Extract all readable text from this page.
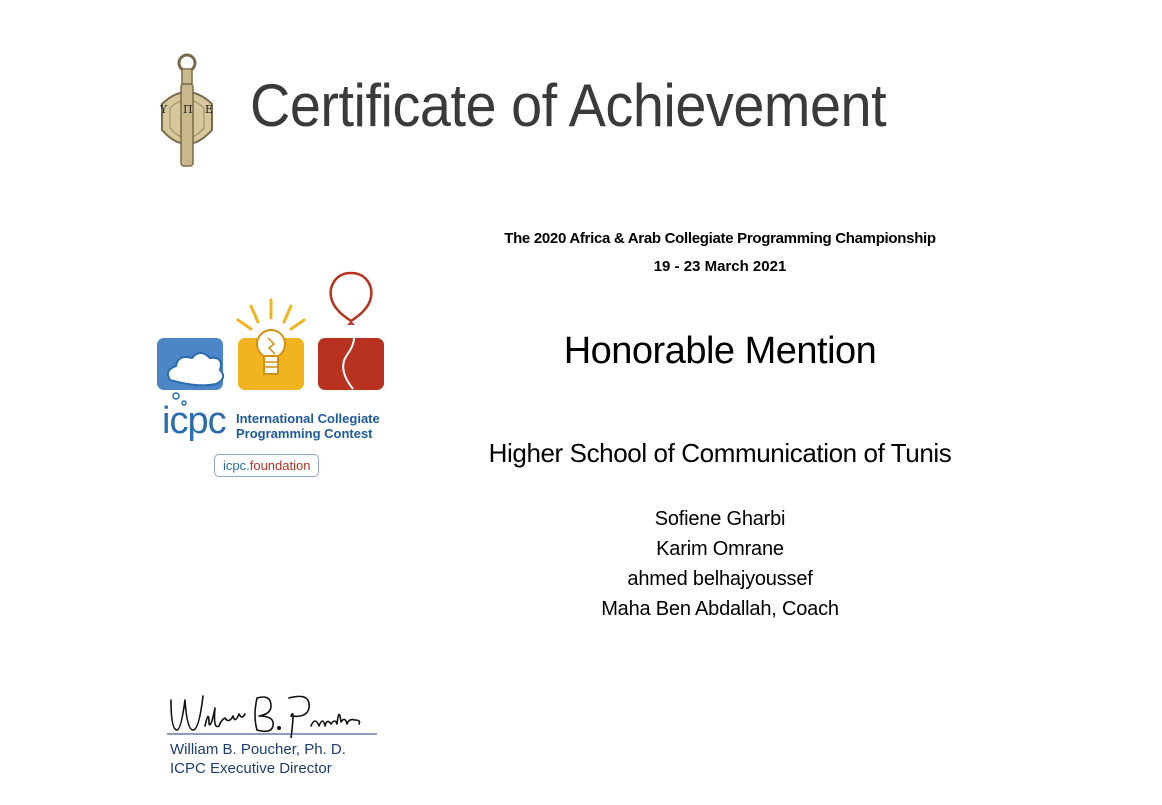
Υ Π Ε Certificate of Achievement
icpc International Collegiate
Programming Contest
icpc.foundation
The 2020 Africa & Arab Collegiate Programming Championship
19 - 23 March 2021
Honorable Mention
Higher School of Communication of Tunis
Sofiene Gharbi
Karim Omrane
ahmed belhajyoussef
Maha Ben Abdallah, Coach
William B. Poucher, Ph. D.
ICPC Executive Director
